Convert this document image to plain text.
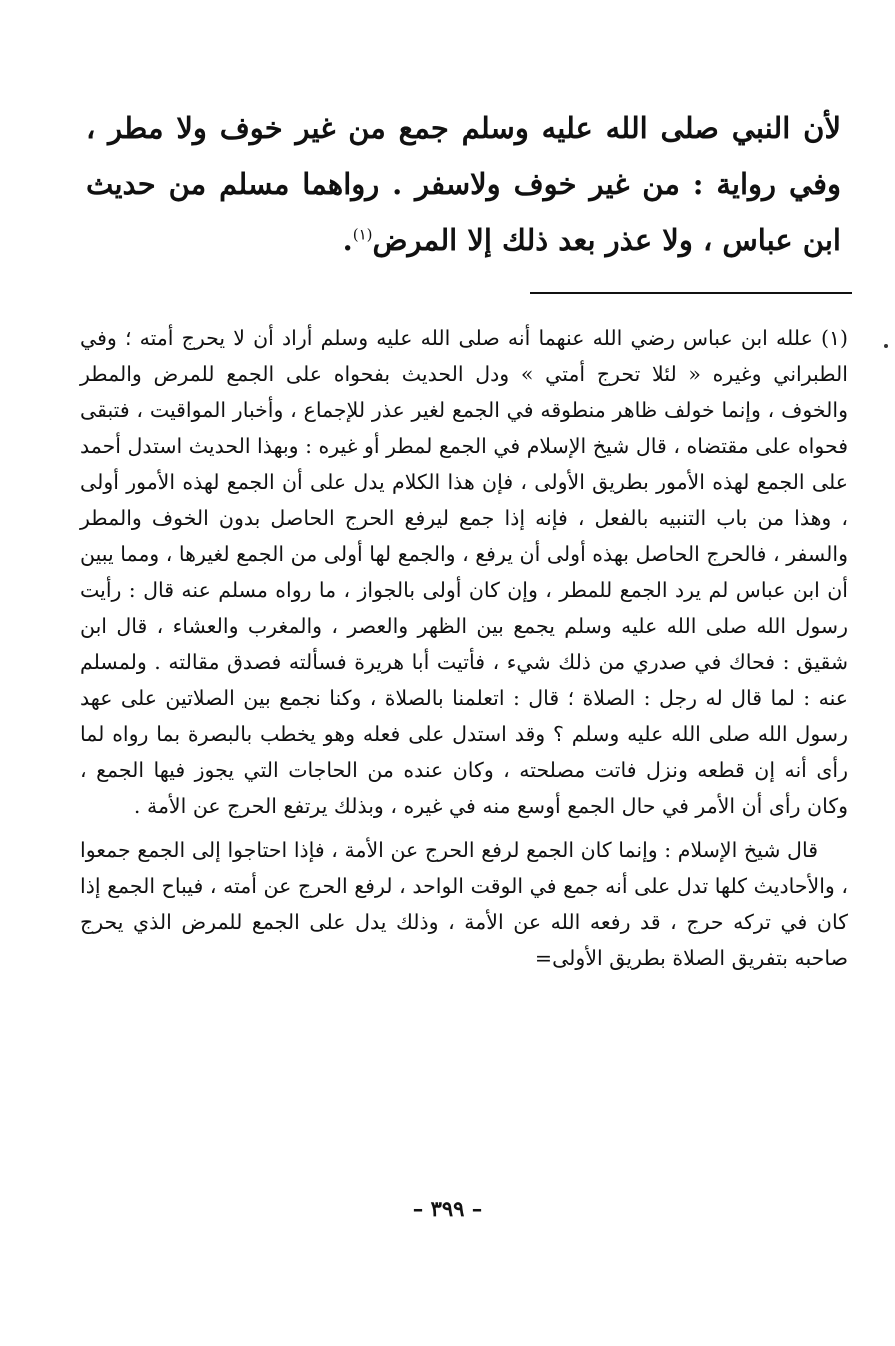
لأن النبي صلى الله عليه وسلم جمع من غير خوف ولا مطر ، وفي رواية : من غير خوف ولاسفر . رواهما مسلم من حديث ابن عباس ، ولا عذر بعد ذلك إلا المرض$^{(١)}$.

(١) علله ابن عباس رضي الله عنهما أنه صلى الله عليه وسلم أراد أن لا يحرج أمته ؛ وفي الطبراني وغيره « لئلا تحرج أمتي » ودل الحديث بفحواه على الجمع للمرض والمطر والخوف ، وإنما خولف ظاهر منطوقه في الجمع لغير عذر للإجماع ، وأخبار المواقيت ، فتبقى فحواه على مقتضاه ، قال شيخ الإسلام في الجمع لمطر أو غيره : وبهذا الحديث استدل أحمد على الجمع لهذه الأمور بطريق الأولى ، فإن هذا الكلام يدل على أن الجمع لهذه الأمور أولى ، وهذا من باب التنبيه بالفعل ، فإنه إذا جمع ليرفع الحرج الحاصل بدون الخوف والمطر والسفر ، فالحرج الحاصل بهذه أولى أن يرفع ، والجمع لها أولى من الجمع لغيرها ، ومما يبين أن ابن عباس لم يرد الجمع للمطر ، وإن كان أولى بالجواز ، ما رواه مسلم عنه قال : رأيت رسول الله صلى الله عليه وسلم يجمع بين الظهر والعصر ، والمغرب والعشاء ، قال ابن شقيق : فحاك في صدري من ذلك شيء ، فأتيت أبا هريرة فسألته فصدق مقالته . ولمسلم عنه : لما قال له رجل : الصلاة ؛ قال : اتعلمنا بالصلاة ، وكنا نجمع بين الصلاتين على عهد رسول الله صلى الله عليه وسلم ؟ وقد استدل على فعله وهو يخطب بالبصرة بما رواه لما رأى أنه إن قطعه ونزل فاتت مصلحته ، وكان عنده من الحاجات التي يجوز فيها الجمع ، وكان رأى أن الأمر في حال الجمع أوسع منه في غيره ، وبذلك يرتفع الحرج عن الأمة .

قال شيخ الإسلام : وإنما كان الجمع لرفع الحرج عن الأمة ، فإذا احتاجوا إلى الجمع جمعوا ، والأحاديث كلها تدل على أنه جمع في الوقت الواحد ، لرفع الحرج عن أمته ، فيباح الجمع إذا كان في تركه حرج ، قد رفعه الله عن الأمة ، وذلك يدل على الجمع للمرض الذي يحرج صاحبه بتفريق الصلاة بطريق الأولى=

– ٣٩٩ –
